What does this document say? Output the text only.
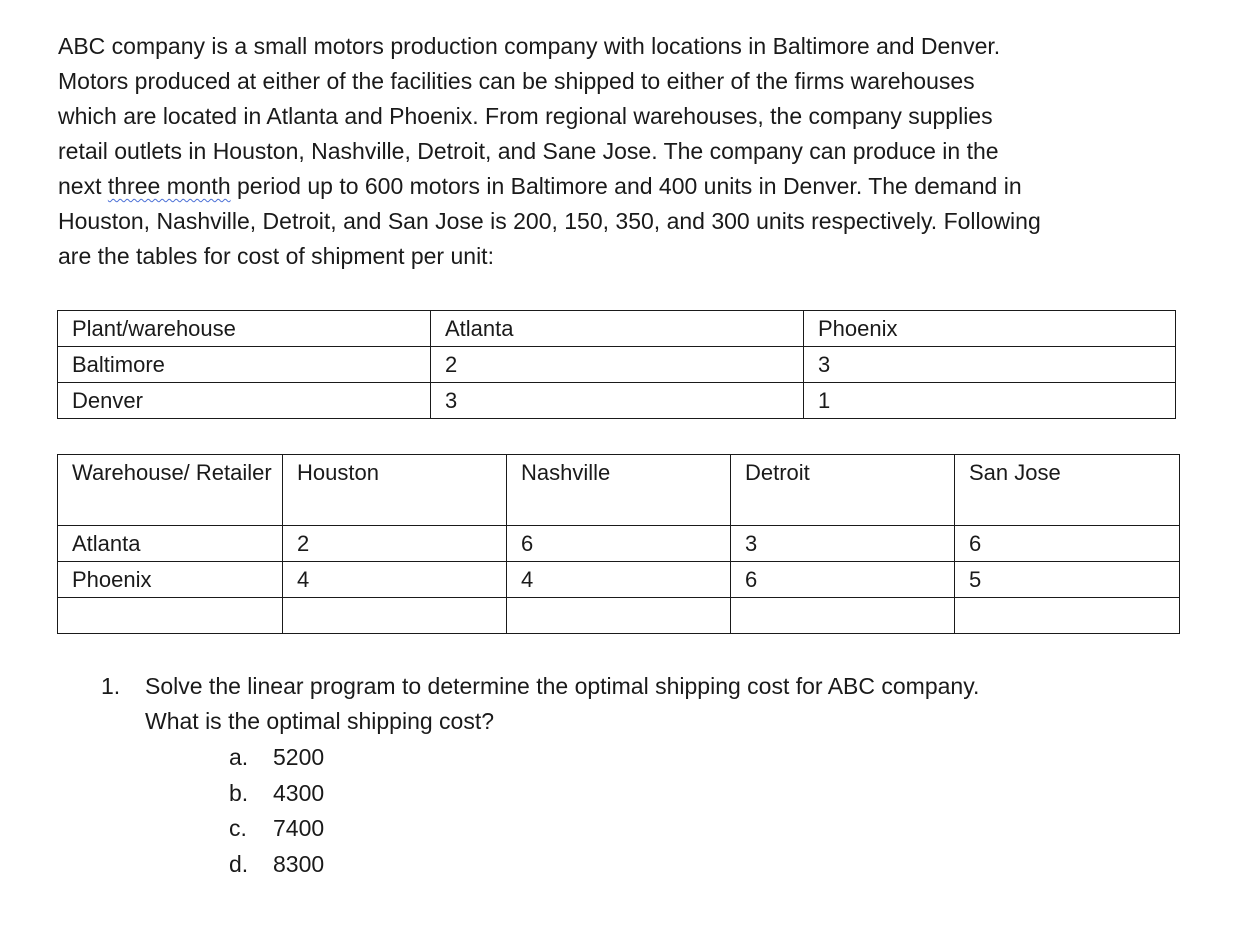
ABC company is a small motors production company with locations in Baltimore and Denver.
Motors produced at either of the facilities can be shipped to either of the firms warehouses
which are located in Atlanta and Phoenix. From regional warehouses, the company supplies
retail outlets in Houston, Nashville, Detroit, and Sane Jose. The company can produce in the
next three month period up to 600 motors in Baltimore and 400 units in Denver. The demand in
Houston, Nashville, Detroit, and San Jose is 200, 150, 350, and 300 units respectively. Following
are the tables for cost of shipment per unit:
Plant/warehouse	Atlanta	Phoenix
Baltimore	2	3
Denver	3	1
Warehouse/ Retailer	Houston	Nashville	Detroit	San Jose
Atlanta	2	6	3	6
Phoenix	4	4	6	5

1. Solve the linear program to determine the optimal shipping cost for ABC company.
What is the optimal shipping cost?
a. 5200
b. 4300
c. 7400
d. 8300
